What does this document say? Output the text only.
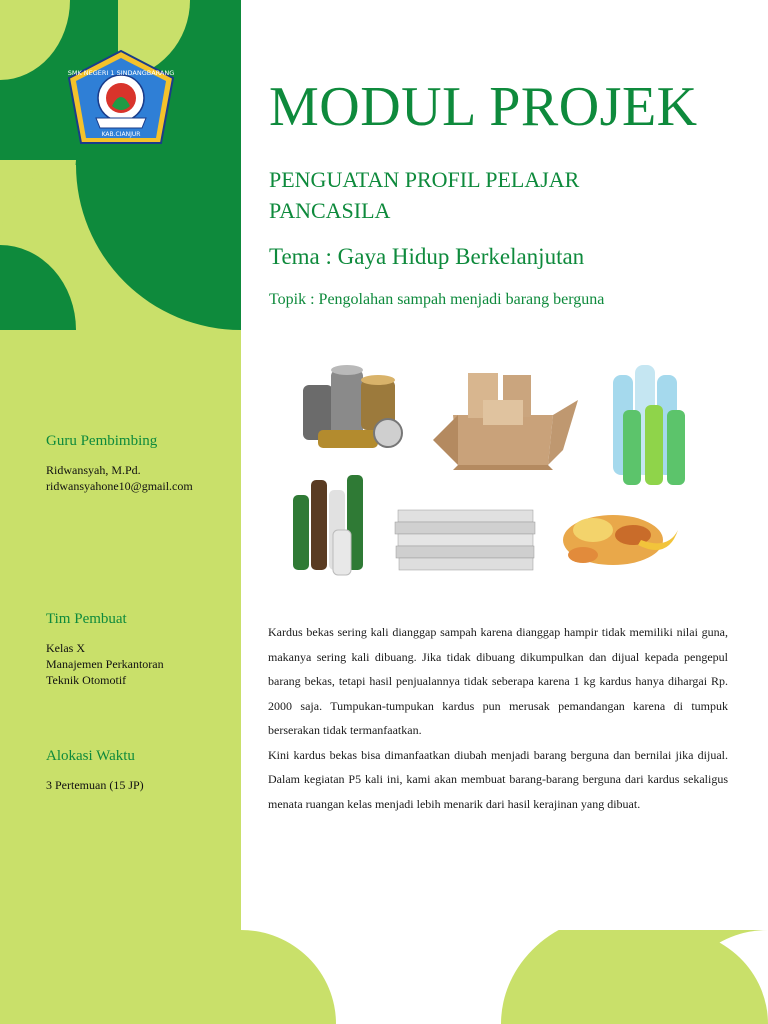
SMK NEGERI 1 SINDANGBARANG
KAB.CIANJUR
Guru Pembimbing

Ridwansyah, M.Pd.

ridwansyahone10@gmail.com

Tim Pembuat

Kelas X

Manajemen Perkantoran

Teknik Otomotif

Alokasi Waktu

3 Pertemuan (15 JP)

MODUL PROJEK
PENGUATAN PROFIL PELAJAR PANCASILA
Tema : Gaya Hidup Berkelanjutan
Topik : Pengolahan sampah menjadi barang berguna

Kardus bekas sering kali dianggap sampah karena dianggap hampir tidak memiliki nilai guna, makanya sering kali dibuang. Jika tidak dibuang dikumpulkan dan dijual kepada pengepul barang bekas, tetapi hasil penjualannya tidak seberapa karena 1 kg kardus hanya dihargai Rp. 2000 saja. Tumpukan-tumpukan kardus pun merusak pemandangan karena di tumpuk berserakan tidak termanfaatkan.

Kini kardus bekas bisa dimanfaatkan diubah menjadi barang berguna dan bernilai jika dijual. Dalam kegiatan P5 kali ini, kami akan membuat barang-barang berguna dari kardus sekaligus menata ruangan kelas menjadi lebih menarik dari hasil kerajinan yang dibuat.
